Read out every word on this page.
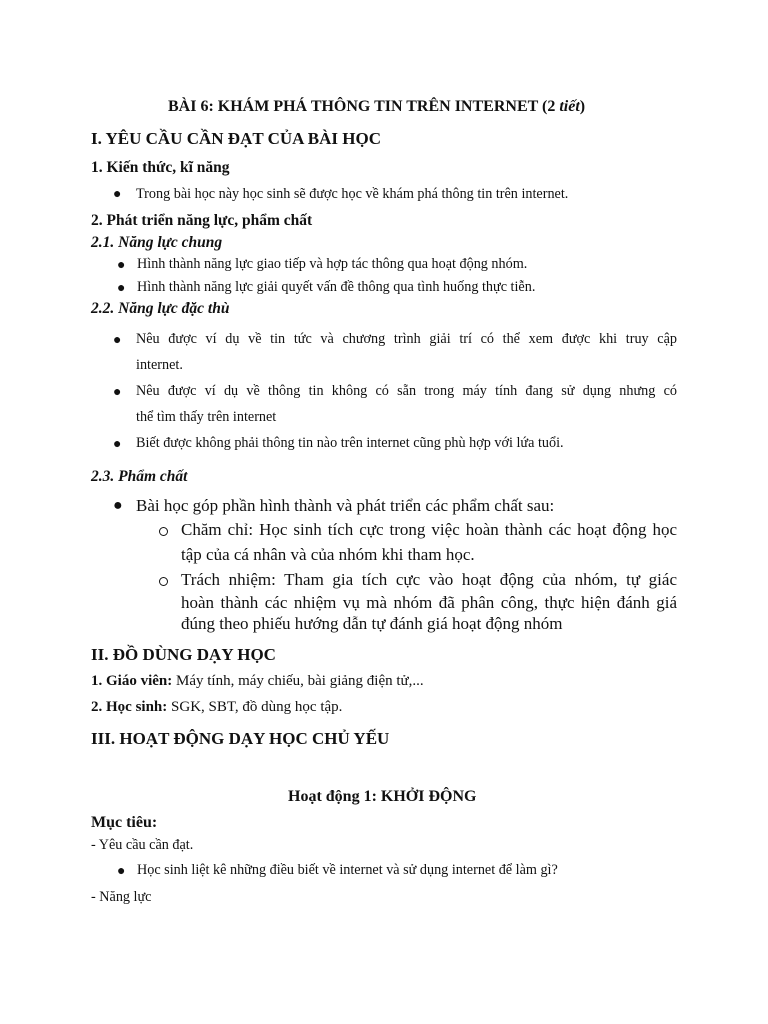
BÀI 6: KHÁM PHÁ THÔNG TIN TRÊN INTERNET (2 tiết)

I. YÊU CẦU CẦN ĐẠT CỦA BÀI HỌC

1. Kiến thức, kĩ năng

● Trong bài học này học sinh sẽ được học về khám phá thông tin trên internet.

2. Phát triển năng lực, phẩm chất

2.1. Năng lực chung

● Hình thành năng lực giao tiếp và hợp tác thông qua hoạt động nhóm.

● Hình thành năng lực giải quyết vấn đề thông qua tình huống thực tiễn.

2.2. Năng lực đặc thù

● Nêu được ví dụ về tin tức và chương trình giải trí có thể xem được khi truy cập

internet.

● Nêu được ví dụ về thông tin không có sẵn trong máy tính đang sử dụng nhưng có

thể tìm thấy trên internet

● Biết được không phải thông tin nào trên internet cũng phù hợp với lứa tuổi.

2.3. Phẩm chất

● Bài học góp phần hình thành và phát triển các phẩm chất sau:

Chăm chỉ: Học sinh tích cực trong việc hoàn thành các hoạt động học

tập của cá nhân và của nhóm khi tham học.

Trách nhiệm: Tham gia tích cực vào hoạt động của nhóm, tự giác

hoàn thành các nhiệm vụ mà nhóm đã phân công, thực hiện đánh giá

đúng theo phiếu hướng dẫn tự đánh giá hoạt động nhóm

II. ĐỒ DÙNG DẠY HỌC

1. Giáo viên: Máy tính, máy chiếu, bài giảng điện tử,...

2. Học sinh: SGK, SBT, đồ dùng học tập.

III. HOẠT ĐỘNG DẠY HỌC CHỦ YẾU

Hoạt động 1: KHỞI ĐỘNG

Mục tiêu:

- Yêu cầu cần đạt.

● Học sinh liệt kê những điều biết về internet và sử dụng internet để làm gì?

- Năng lực
